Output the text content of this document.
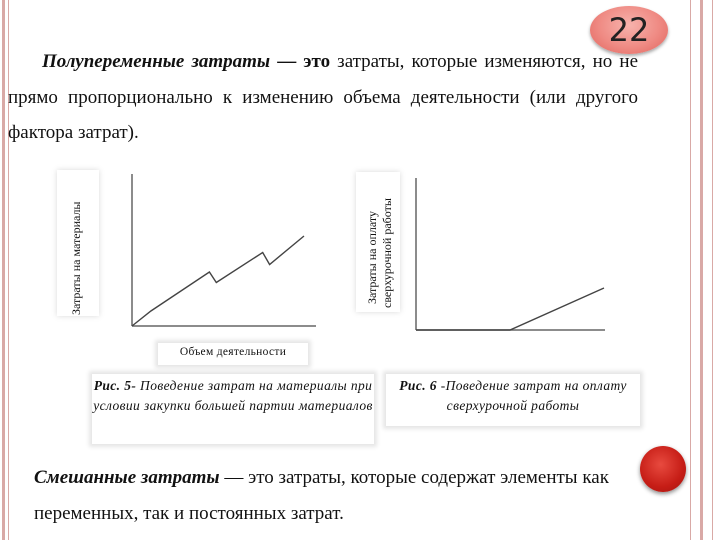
22

Полупеременные затраты — это затраты, которые изменяются, но не прямо пропорционально к изменению объема деятельности (или другого фактора затрат).

Затраты на материалы	Затраты на оплату сверхурочной работы
Объем деятельности
Рис. 5- Поведение затрат на материалы при условии закупки большей партии материалов
Рис. 6 -Поведение затрат на оплату сверхурочной работы

Смешанные затраты — это затраты, которые содержат элементы как переменных, так и постоянных затрат.
